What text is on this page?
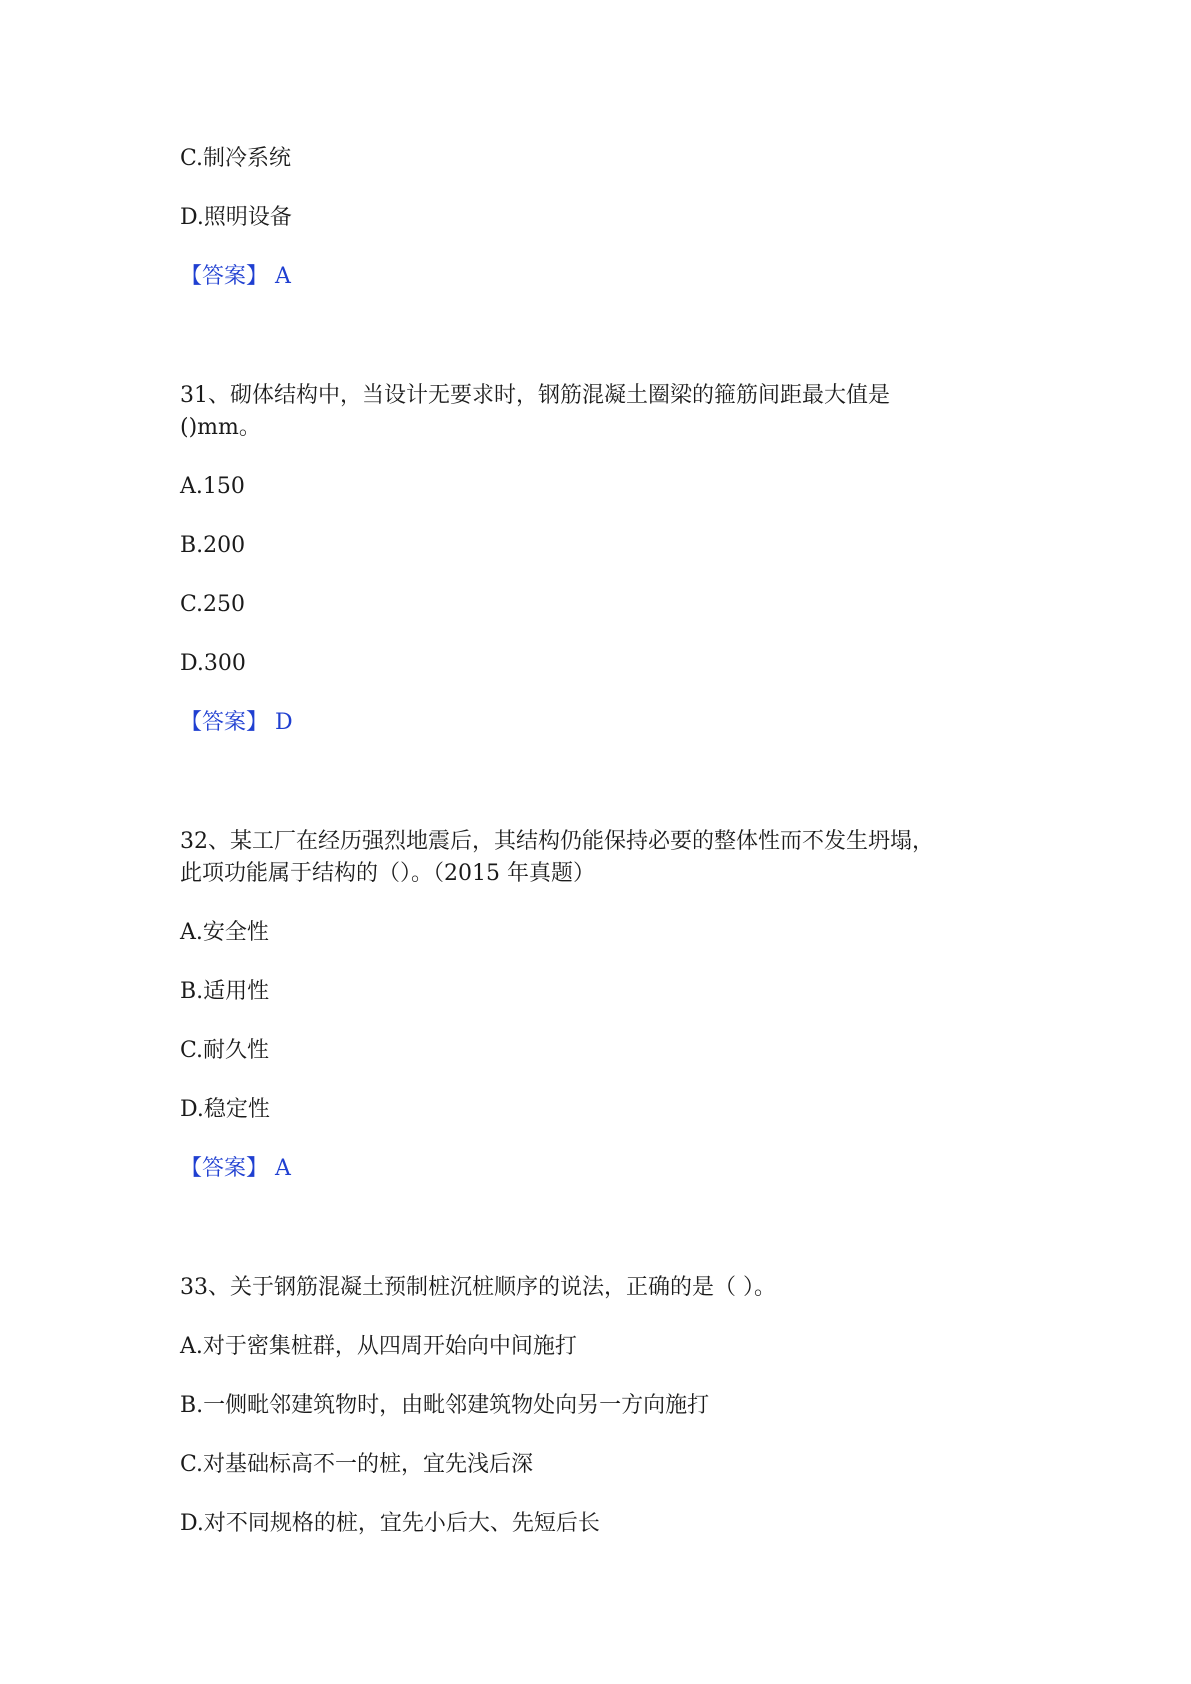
C.制冷系统
D.照明设备
【答案】 A
31、砌体结构中，当设计无要求时，钢筋混凝土圈梁的箍筋间距最大值是
()mm。
A.150
B.200
C.250
D.300
【答案】 D
32、某工厂在经历强烈地震后，其结构仍能保持必要的整体性而不发生坍塌，
此项功能属于结构的（）。（2015 年真题）
A.安全性
B.适用性
C.耐久性
D.稳定性
【答案】 A
33、关于钢筋混凝土预制桩沉桩顺序的说法，正确的是（ ）。
A.对于密集桩群，从四周开始向中间施打
B.一侧毗邻建筑物时，由毗邻建筑物处向另一方向施打
C.对基础标高不一的桩，宜先浅后深
D.对不同规格的桩，宜先小后大、先短后长
